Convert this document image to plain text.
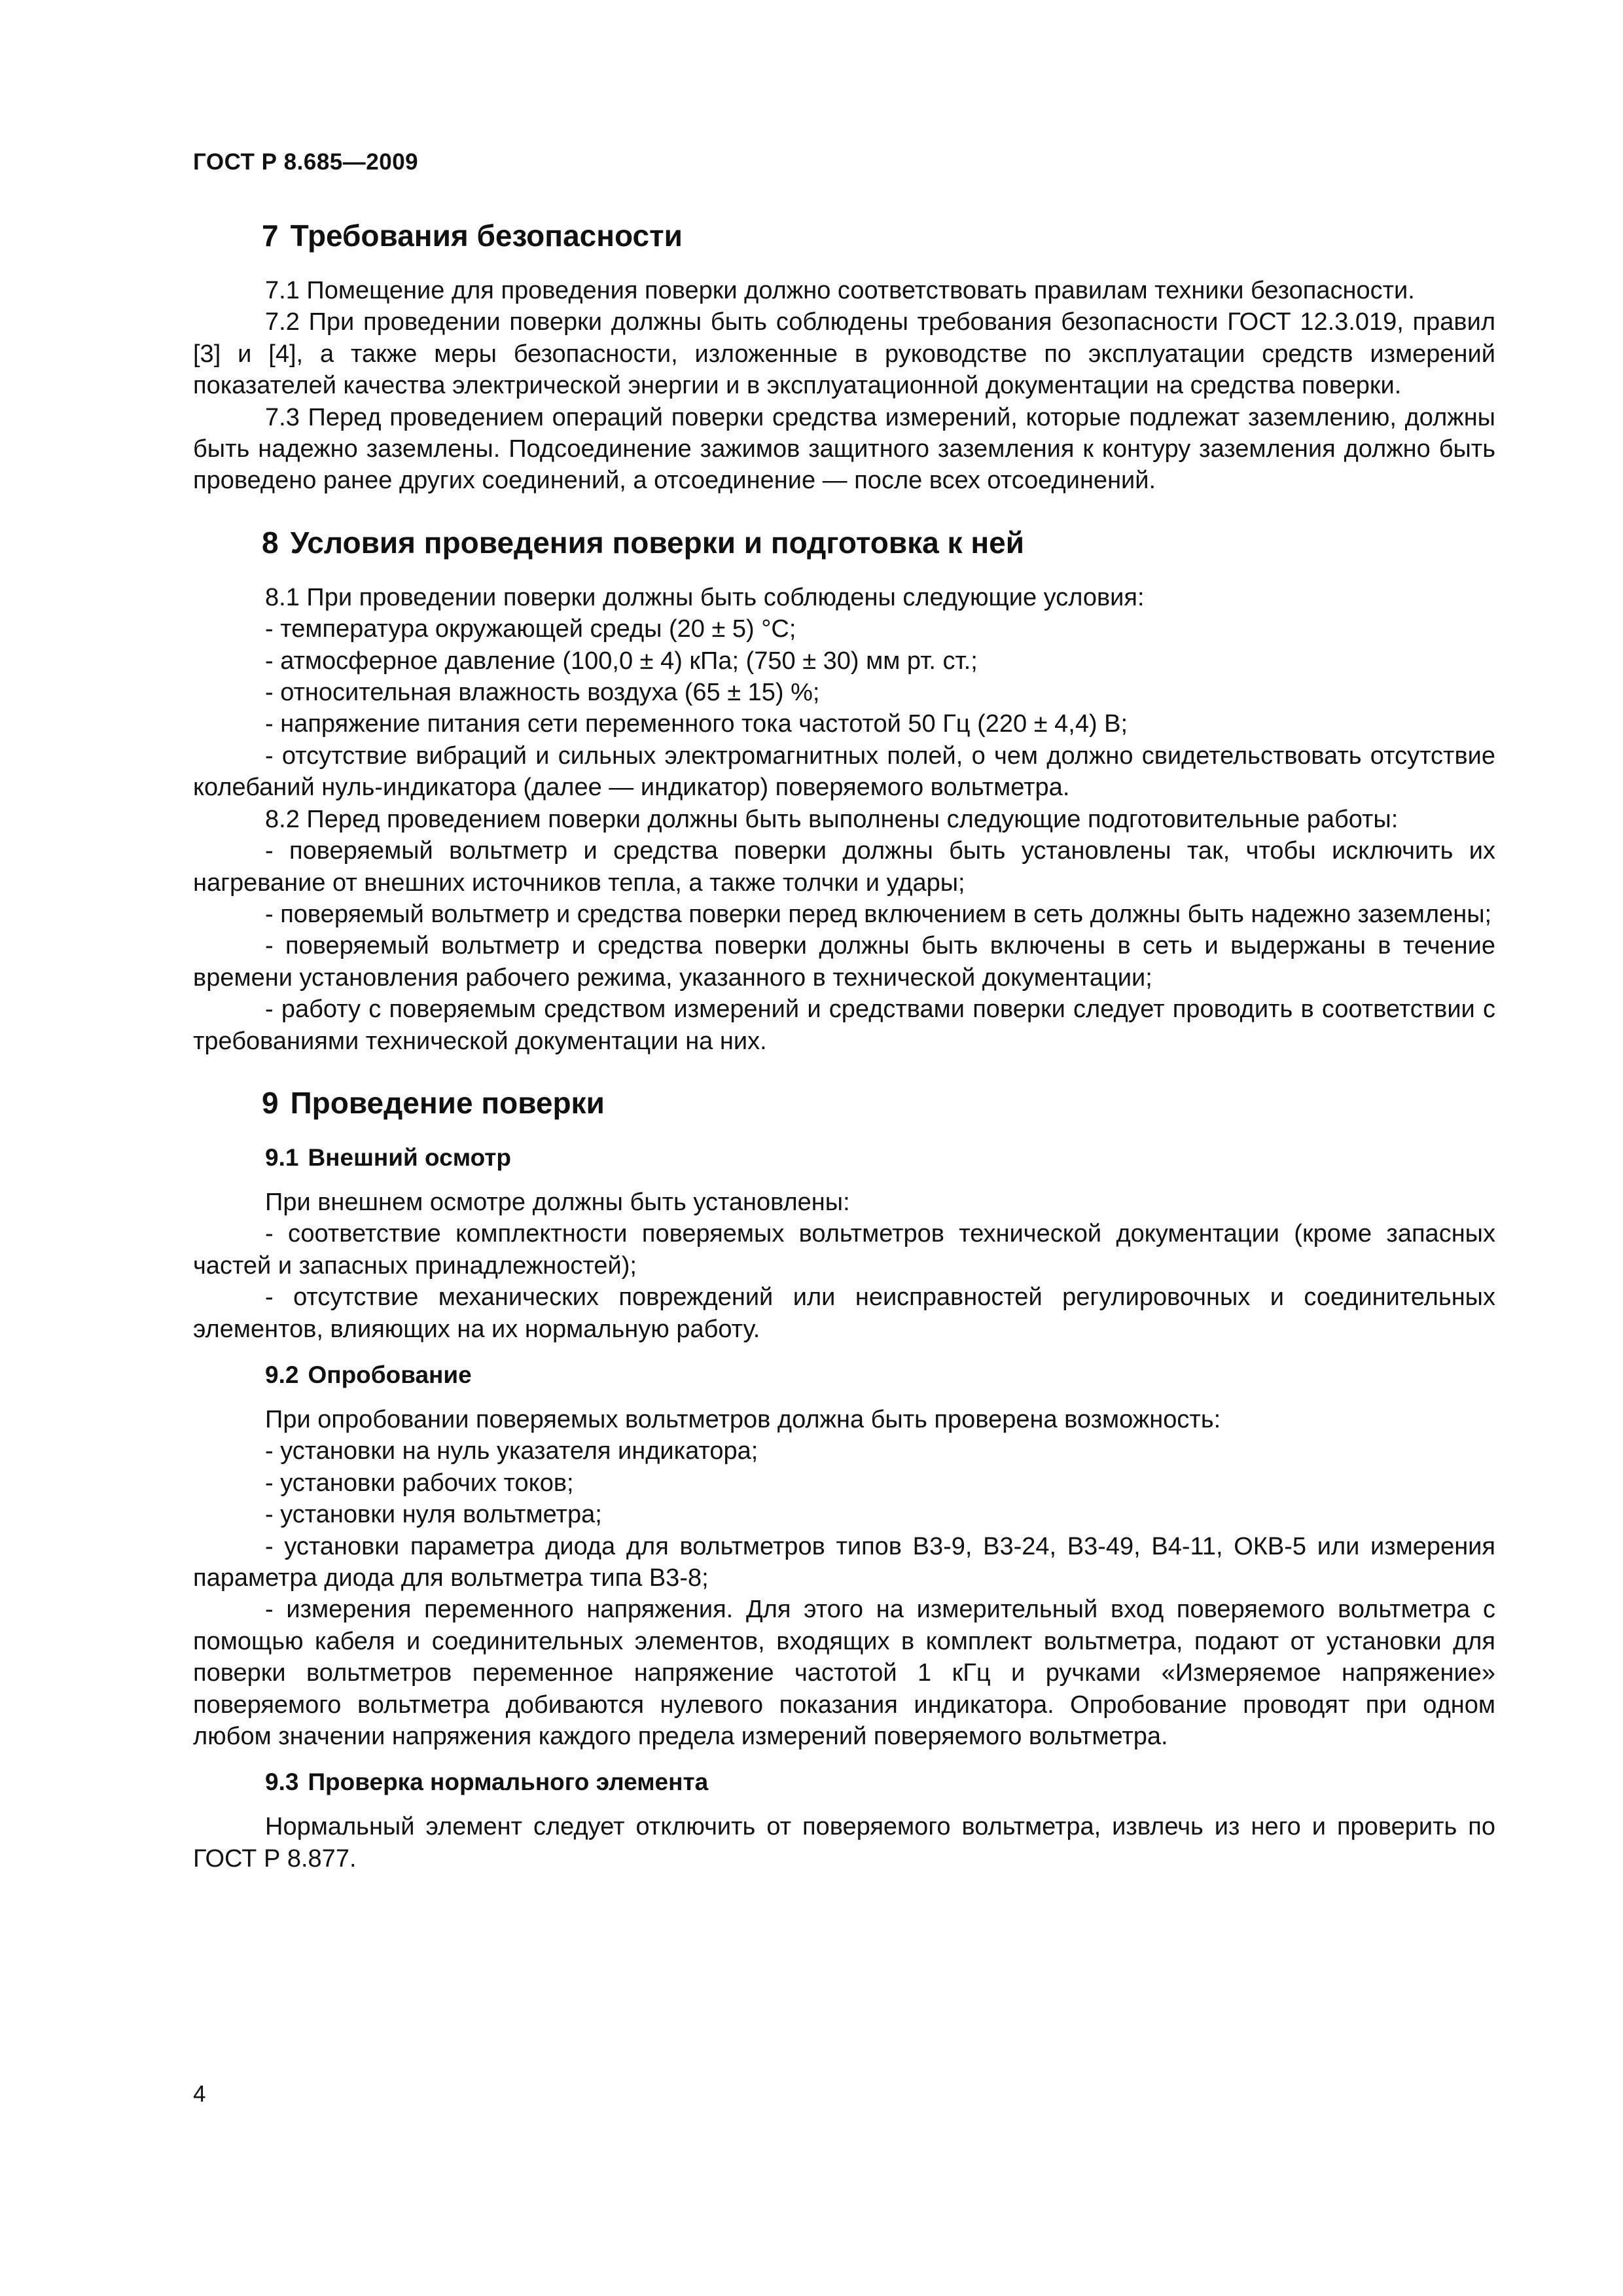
ГОСТ Р 8.685—2009
7 Требования безопасности

7.1 Помещение для проведения поверки должно соответствовать правилам техники безопасности.

7.2 При проведении поверки должны быть соблюдены требования безопасности ГОСТ 12.3.019, правил [3] и [4], а также меры безопасности, изложенные в руководстве по эксплуатации средств измерений показателей качества электрической энергии и в эксплуатационной документации на средства поверки.

7.3 Перед проведением операций поверки средства измерений, которые подлежат заземлению, должны быть надежно заземлены. Подсоединение зажимов защитного заземления к контуру заземления должно быть проведено ранее других соединений, а отсоединение — после всех отсоединений.

8 Условия проведения поверки и подготовка к ней

8.1 При проведении поверки должны быть соблюдены следующие условия:

- температура окружающей среды (20 ± 5) °С;

- атмосферное давление (100,0 ± 4) кПа; (750 ± 30) мм рт. ст.;

- относительная влажность воздуха (65 ± 15) %;

- напряжение питания сети переменного тока частотой 50 Гц (220 ± 4,4) В;

- отсутствие вибраций и сильных электромагнитных полей, о чем должно свидетельствовать отсутствие колебаний нуль-индикатора (далее — индикатор) поверяемого вольтметра.

8.2 Перед проведением поверки должны быть выполнены следующие подготовительные работы:

- поверяемый вольтметр и средства поверки должны быть установлены так, чтобы исключить их нагревание от внешних источников тепла, а также толчки и удары;

- поверяемый вольтметр и средства поверки перед включением в сеть должны быть надежно заземлены;

- поверяемый вольтметр и средства поверки должны быть включены в сеть и выдержаны в течение времени установления рабочего режима, указанного в технической документации;

- работу с поверяемым средством измерений и средствами поверки следует проводить в соответствии с требованиями технической документации на них.

9 Проведение поверки
9.1 Внешний осмотр

При внешнем осмотре должны быть установлены:

- соответствие комплектности поверяемых вольтметров технической документации (кроме запасных частей и запасных принадлежностей);

- отсутствие механических повреждений или неисправностей регулировочных и соединительных элементов, влияющих на их нормальную работу.

9.2 Опробование

При опробовании поверяемых вольтметров должна быть проверена возможность:

- установки на нуль указателя индикатора;

- установки рабочих токов;

- установки нуля вольтметра;

- установки параметра диода для вольтметров типов В3-9, В3-24, В3-49, В4-11, ОКВ-5 или измерения параметра диода для вольтметра типа В3-8;

- измерения переменного напряжения. Для этого на измерительный вход поверяемого вольтметра с помощью кабеля и соединительных элементов, входящих в комплект вольтметра, подают от установки для поверки вольтметров переменное напряжение частотой 1 кГц и ручками «Измеряемое напряжение» поверяемого вольтметра добиваются нулевого показания индикатора. Опробование проводят при одном любом значении напряжения каждого предела измерений поверяемого вольтметра.

9.3 Проверка нормального элемента

Нормальный элемент следует отключить от поверяемого вольтметра, извлечь из него и проверить по ГОСТ Р 8.877.

4
